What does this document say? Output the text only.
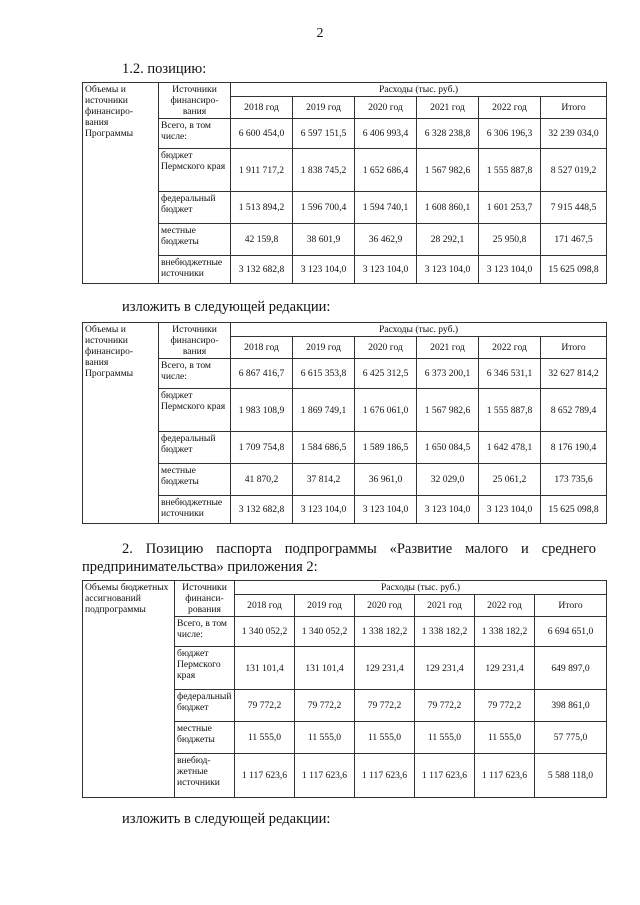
2
1.2. позицию:
Объемы и источники финансиро-вания Программы	Источники финансиро-вания	Расходы (тыс. руб.)					
		2018 год	2019 год	2020 год	2021 год	2022 год	Итого
	Всего, в том числе:	6 600 454,0	6 597 151,5	6 406 993,4	6 328 238,8	6 306 196,3	32 239 034,0
	бюджет Пермского края	1 911 717,2	1 838 745,2	1 652 686,4	1 567 982,6	1 555 887,8	8 527 019,2
	федеральный бюджет	1 513 894,2	1 596 700,4	1 594 740,1	1 608 860,1	1 601 253,7	7 915 448,5
	местные бюджеты	42 159,8	38 601,9	36 462,9	28 292,1	25 950,8	171 467,5
	внебюджетные источники	3 132 682,8	3 123 104,0	3 123 104,0	3 123 104,0	3 123 104,0	15 625 098,8
изложить в следующей редакции:
Объемы и источники финансиро-вания Программы	Источники финансиро-вания	Расходы (тыс. руб.)					
		2018 год	2019 год	2020 год	2021 год	2022 год	Итого
	Всего, в том числе:	6 867 416,7	6 615 353,8	6 425 312,5	6 373 200,1	6 346 531,1	32 627 814,2
	бюджет Пермского края	1 983 108,9	1 869 749,1	1 676 061,0	1 567 982,6	1 555 887,8	8 652 789,4
	федеральный бюджет	1 709 754,8	1 584 686,5	1 589 186,5	1 650 084,5	1 642 478,1	8 176 190,4
	местные бюджеты	41 870,2	37 814,2	36 961,0	32 029,0	25 061,2	173 735,6
	внебюджетные источники	3 132 682,8	3 123 104,0	3 123 104,0	3 123 104,0	3 123 104,0	15 625 098,8
2. Позицию паспорта подпрограммы «Развитие малого и среднего
предпринимательства» приложения 2:
Объемы бюджетных ассигнований подпрограммы	Источники финанси-рования	Расходы (тыс. руб.)					
		2018 год	2019 год	2020 год	2021 год	2022 год	Итого
	Всего, в том числе:	1 340 052,2	1 340 052,2	1 338 182,2	1 338 182,2	1 338 182,2	6 694 651,0
	бюджет Пермского края	131 101,4	131 101,4	129 231,4	129 231,4	129 231,4	649 897,0
	федеральный бюджет	79 772,2	79 772,2	79 772,2	79 772,2	79 772,2	398 861,0
	местные бюджеты	11 555,0	11 555,0	11 555,0	11 555,0	11 555,0	57 775,0
	внебюд-жетные источники	1 117 623,6	1 117 623,6	1 117 623,6	1 117 623,6	1 117 623,6	5 588 118,0
изложить в следующей редакции:
